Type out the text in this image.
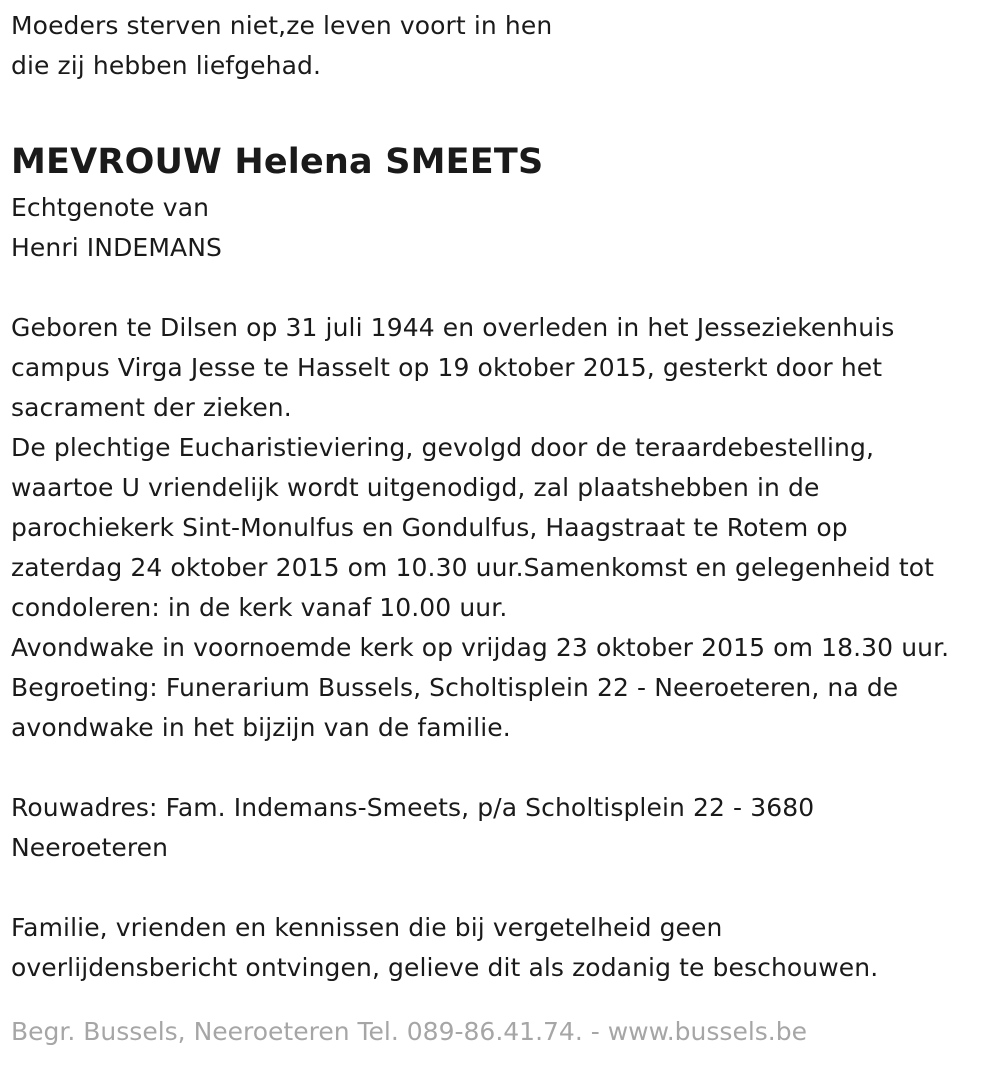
Moeders sterven niet,ze leven voort in hen
die zij hebben liefgehad.
MEVROUW Helena SMEETS
Echtgenote van
Henri INDEMANS
Geboren te Dilsen op 31 juli 1944 en overleden in het Jesseziekenhuis
campus Virga Jesse te Hasselt op 19 oktober 2015, gesterkt door het
sacrament der zieken.
De plechtige Eucharistieviering, gevolgd door de teraardebestelling,
waartoe U vriendelijk wordt uitgenodigd, zal plaatshebben in de
parochiekerk Sint-Monulfus en Gondulfus, Haagstraat te Rotem op
zaterdag 24 oktober 2015 om 10.30 uur.Samenkomst en gelegenheid tot
condoleren: in de kerk vanaf 10.00 uur.
Avondwake in voornoemde kerk op vrijdag 23 oktober 2015 om 18.30 uur.
Begroeting: Funerarium Bussels, Scholtisplein 22 - Neeroeteren, na de
avondwake in het bijzijn van de familie.
Rouwadres: Fam. Indemans-Smeets, p/a Scholtisplein 22 - 3680
Neeroeteren
Familie, vrienden en kennissen die bij vergetelheid geen
overlijdensbericht ontvingen, gelieve dit als zodanig te beschouwen.
Begr. Bussels, Neeroeteren Tel. 089-86.41.74. - www.bussels.be
